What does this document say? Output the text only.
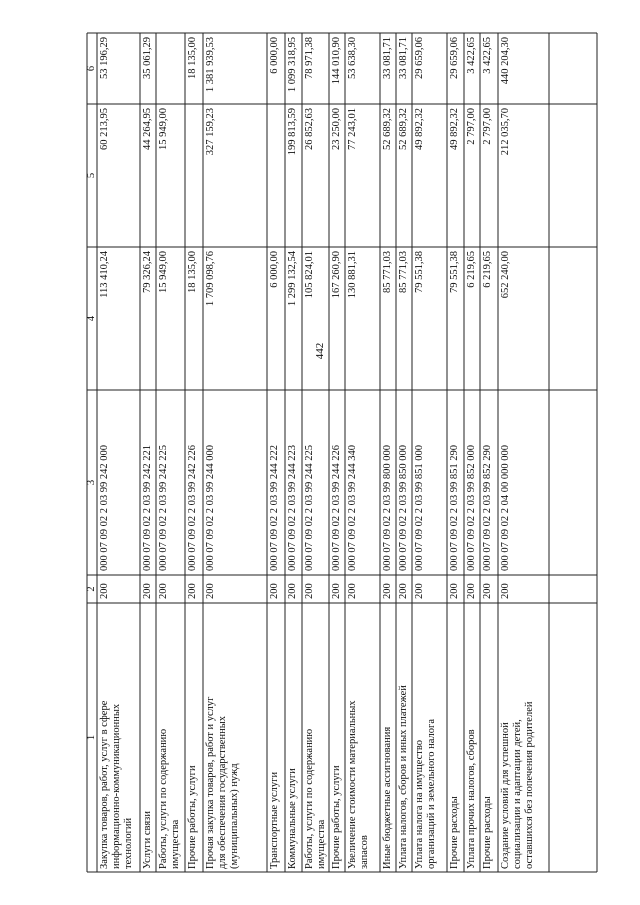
442
1
2
3
4
5
6
Закупка товаров, работ, услуг в сфере информационно-коммуникационных технологий
200
000 07 09 02 2 03 99 242 000
113 410,24
60 213,95
53 196,29
Услуги связи
200
000 07 09 02 2 03 99 242 221
79 326,24
44 264,95
35 061,29
Работы, услуги по содержанию имущества
200
000 07 09 02 2 03 99 242 225
15 949,00
15 949,00
Прочие работы, услуги
200
000 07 09 02 2 03 99 242 226
18 135,00
18 135,00
Прочая закупка товаров, работ и услуг для обеспечения государственных (муниципальных) нужд
200
000 07 09 02 2 03 99 244 000
1 709 098,76
327 159,23
1 381 939,53
Транспортные услуги
200
000 07 09 02 2 03 99 244 222
6 000,00
6 000,00
Коммунальные услуги
200
000 07 09 02 2 03 99 244 223
1 299 132,54
199 813,59
1 099 318,95
Работы, услуги по содержанию имущества
200
000 07 09 02 2 03 99 244 225
105 824,01
26 852,63
78 971,38
Прочие работы, услуги
200
000 07 09 02 2 03 99 244 226
167 260,90
23 250,00
144 010,90
Увеличение стоимости материальных запасов
200
000 07 09 02 2 03 99 244 340
130 881,31
77 243,01
53 638,30
Иные бюджетные ассигнования
200
000 07 09 02 2 03 99 800 000
85 771,03
52 689,32
33 081,71
Уплата налогов, сборов и иных платежей
200
000 07 09 02 2 03 99 850 000
85 771,03
52 689,32
33 081,71
Уплата налога на имущество организаций и земельного налога
200
000 07 09 02 2 03 99 851 000
79 551,38
49 892,32
29 659,06
Прочие расходы
200
000 07 09 02 2 03 99 851 290
79 551,38
49 892,32
29 659,06
Уплата прочих налогов, сборов
200
000 07 09 02 2 03 99 852 000
6 219,65
2 797,00
3 422,65
Прочие расходы
200
000 07 09 02 2 03 99 852 290
6 219,65
2 797,00
3 422,65
Создание условий для успешной социализации и адаптации детей, оставшихся без попечения родителей
200
000 07 09 02 2 04 00 000 000
652 240,00
212 035,70
440 204,30
